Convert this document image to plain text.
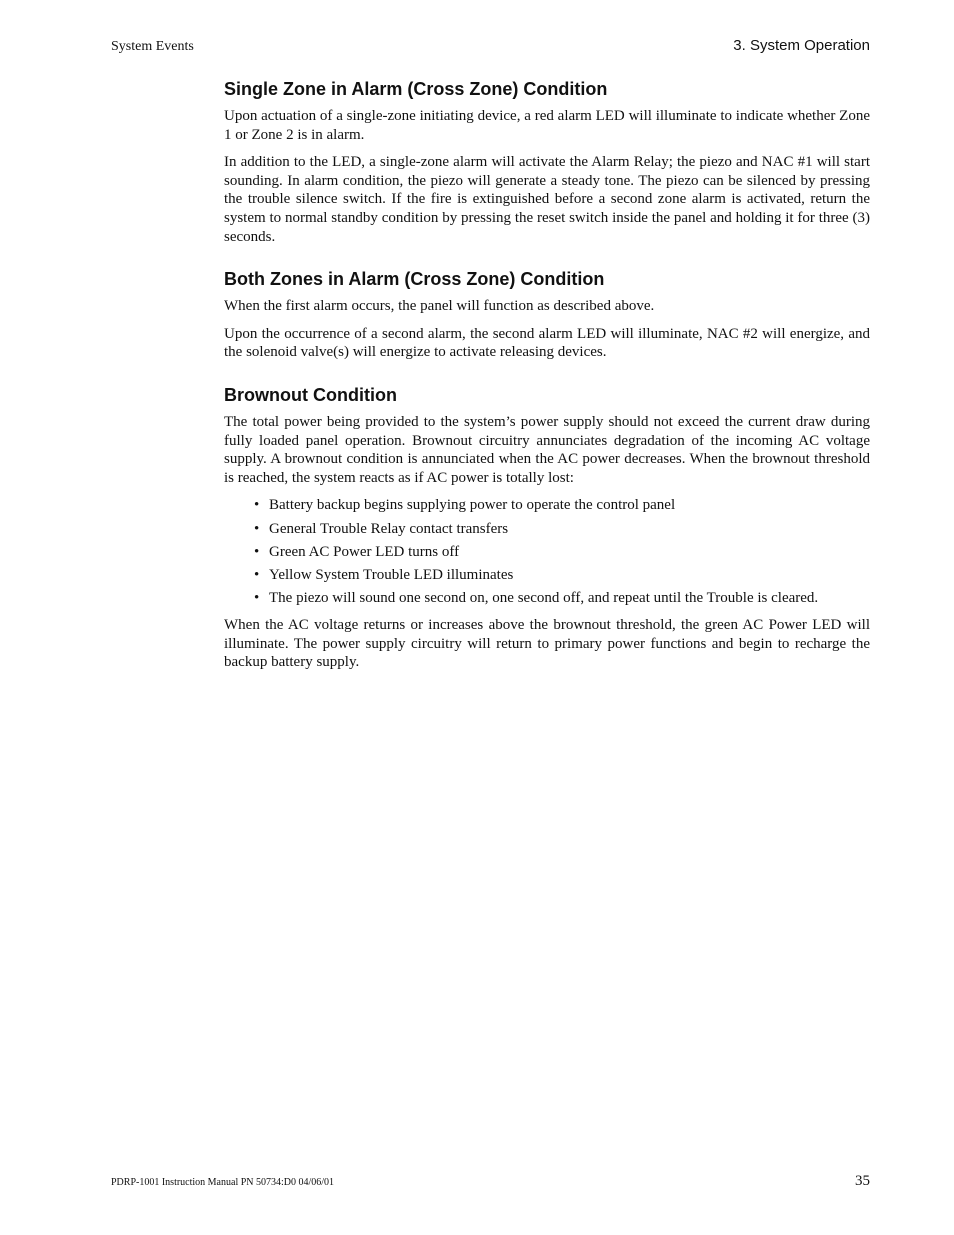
System Events	3. System Operation
Single Zone in Alarm (Cross Zone) Condition

Upon actuation of a single-zone initiating device, a red alarm LED will illuminate to indicate whether Zone 1 or Zone 2 is in alarm.

In addition to the LED, a single-zone alarm will activate the Alarm Relay; the piezo and NAC #1 will start sounding. In alarm condition, the piezo will generate a steady tone. The piezo can be silenced by pressing the trouble silence switch. If the fire is extinguished before a second zone alarm is activated, return the system to normal standby condition by pressing the reset switch inside the panel and holding it for three (3) seconds.

Both Zones in Alarm (Cross Zone) Condition

When the first alarm occurs, the panel will function as described above.

Upon the occurrence of a second alarm, the second alarm LED will illuminate, NAC #2 will energize, and the solenoid valve(s) will energize to activate releasing devices.

Brownout Condition

The total power being provided to the system’s power supply should not exceed the current draw during fully loaded panel operation. Brownout circuitry annunciates degradation of the incoming AC voltage supply. A brownout condition is annunciated when the AC power decreases. When the brownout threshold is reached, the system reacts as if AC power is totally lost:

• Battery backup begins supplying power to operate the control panel
• General Trouble Relay contact transfers
• Green AC Power LED turns off
• Yellow System Trouble LED illuminates
• The piezo will sound one second on, one second off, and repeat until the Trouble is cleared.

When the AC voltage returns or increases above the brownout threshold, the green AC Power LED will illuminate. The power supply circuitry will return to primary power functions and begin to recharge the backup battery supply.

PDRP-1001 Instruction Manual PN 50734:D0 04/06/01	35
